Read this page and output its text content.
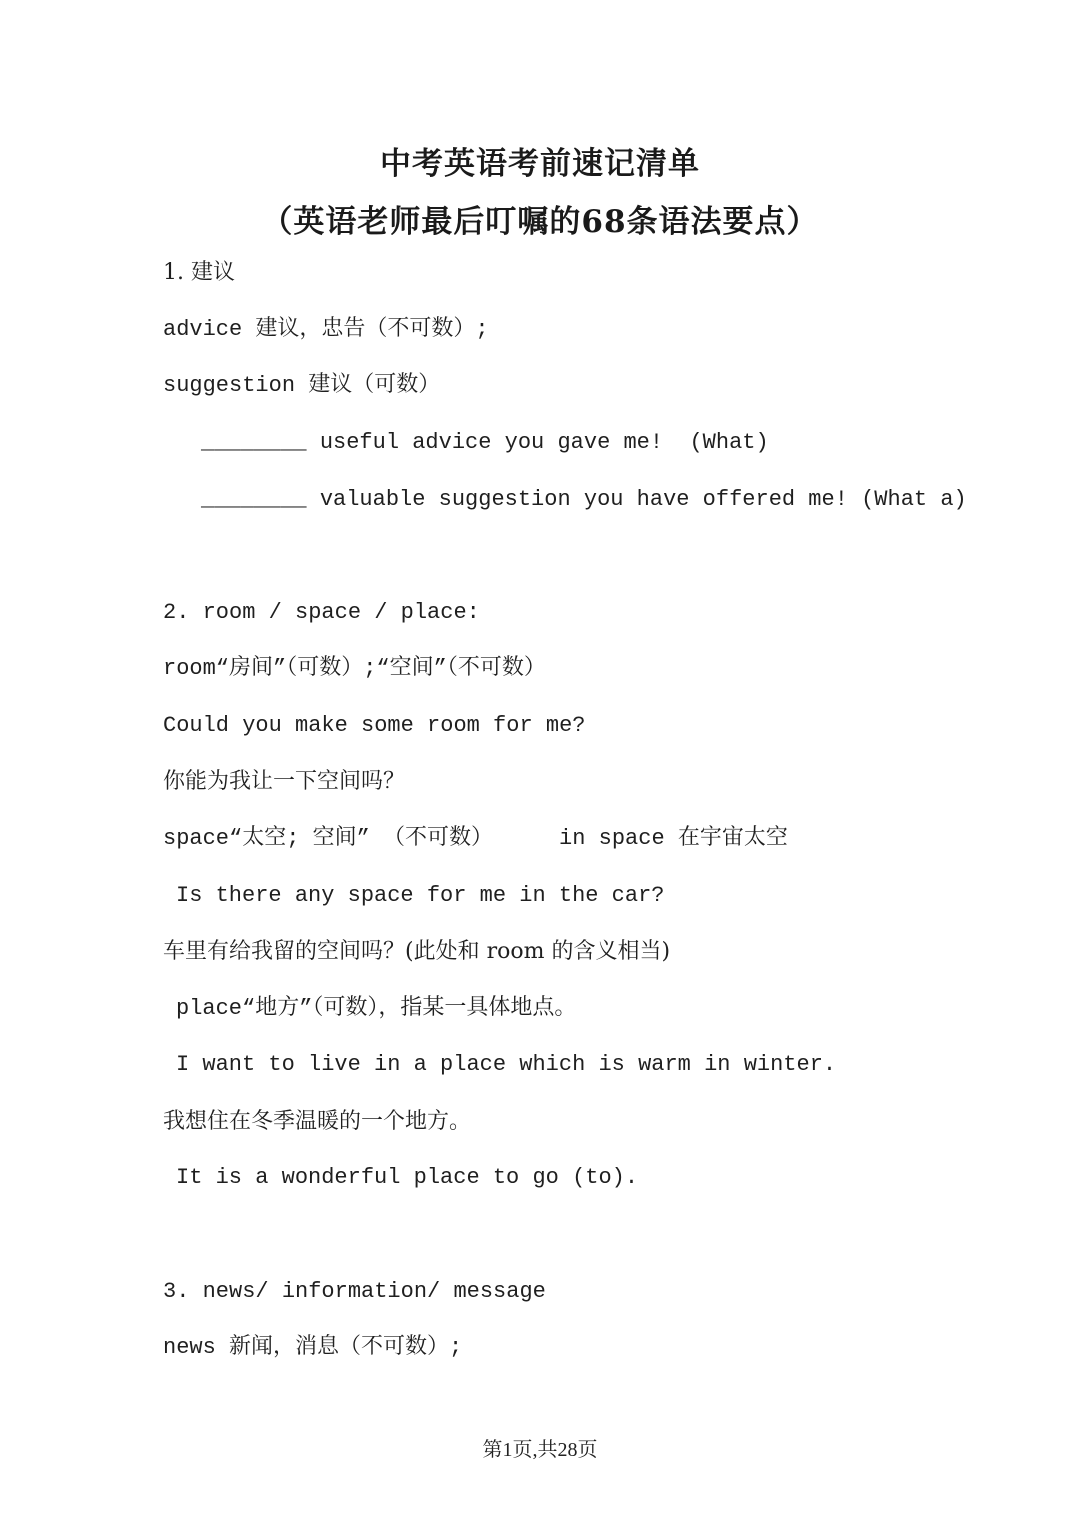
中考英语考前速记清单
（英语老师最后叮嘱的68条语法要点）
1. 建议
advice 建议，忠告（不可数）;
suggestion 建议（可数）
________ useful advice you gave me!  (What)
________ valuable suggestion you have offered me! (What a)
2. room / space / place:
room“房间”（可数）;“空间”（不可数）
Could you make some room for me?
你能为我让一下空间吗？
space“太空; 空间” （不可数）     in space 在宇宙太空
Is there any space for me in the car?
车里有给我留的空间吗？(此处和 room 的含义相当)
place“地方”（可数），指某一具体地点。
I want to live in a place which is warm in winter.
我想住在冬季温暖的一个地方。
It is a wonderful place to go (to).
3. news/ information/ message
news 新闻，消息（不可数）;
第1页,共28页
